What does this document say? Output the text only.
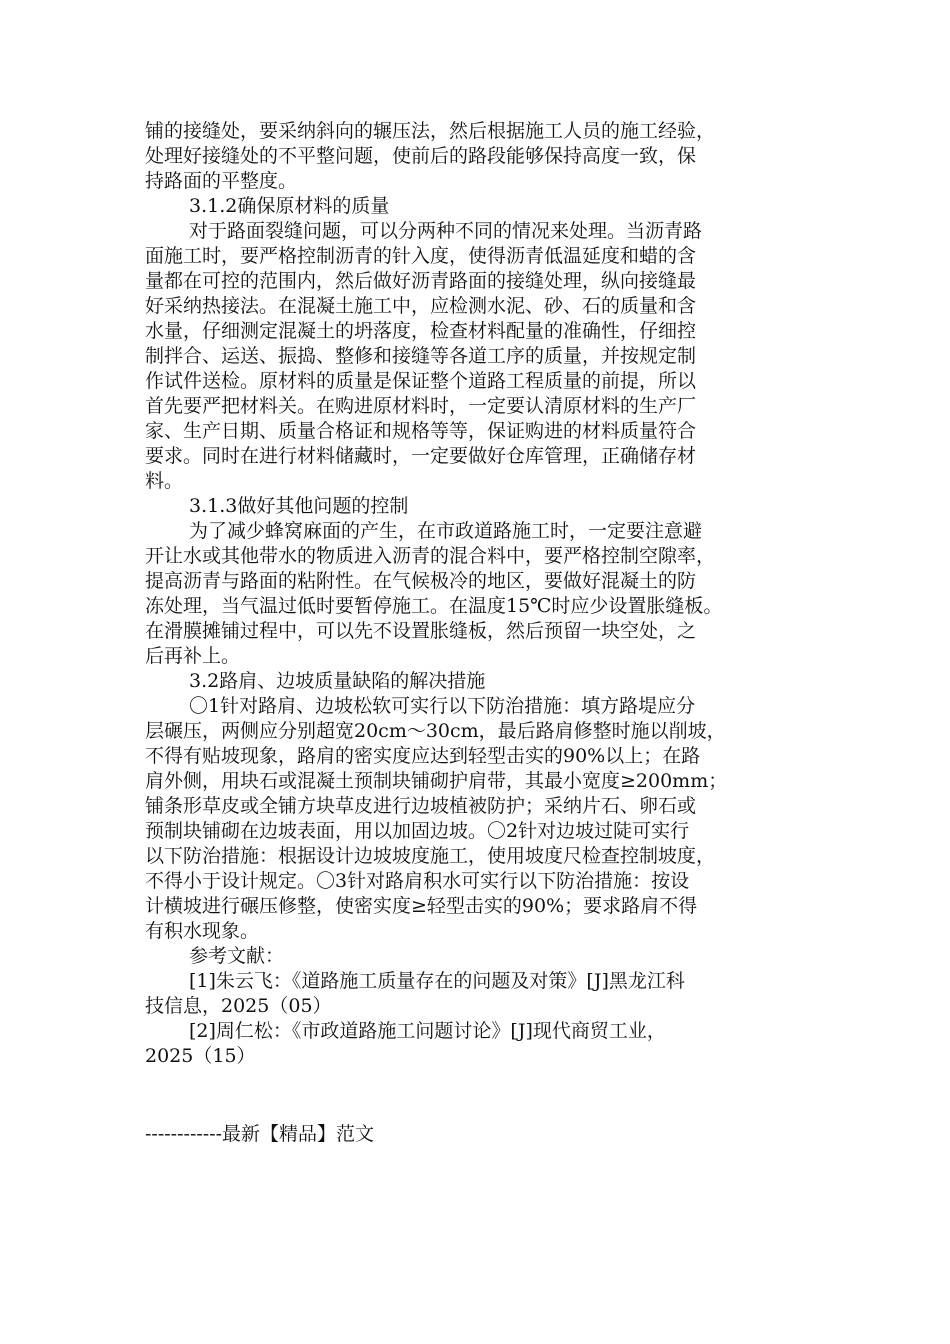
铺的接缝处，要采纳斜向的辗压法，然后根据施工人员的施工经验，

处理好接缝处的不平整问题，使前后的路段能够保持高度一致，保

持路面的平整度。

3.1.2确保原材料的质量

对于路面裂缝问题，可以分两种不同的情况来处理。当沥青路

面施工时，要严格控制沥青的针入度，使得沥青低温延度和蜡的含

量都在可控的范围内，然后做好沥青路面的接缝处理，纵向接缝最

好采纳热接法。在混凝土施工中，应检测水泥、砂、石的质量和含

水量，仔细测定混凝土的坍落度，检查材料配量的准确性，仔细控

制拌合、运送、振捣、整修和接缝等各道工序的质量，并按规定制

作试件送检。原材料的质量是保证整个道路工程质量的前提，所以

首先要严把材料关。在购进原材料时，一定要认清原材料的生产厂

家、生产日期、质量合格证和规格等等，保证购进的材料质量符合

要求。同时在进行材料储藏时，一定要做好仓库管理，正确储存材

料。

3.1.3做好其他问题的控制

为了减少蜂窝麻面的产生，在市政道路施工时，一定要注意避

开让水或其他带水的物质进入沥青的混合料中，要严格控制空隙率，

提高沥青与路面的粘附性。在气候极冷的地区，要做好混凝土的防

冻处理，当气温过低时要暂停施工。在温度15℃时应少设置胀缝板。

在滑膜摊铺过程中，可以先不设置胀缝板，然后预留一块空处，之

后再补上。

3.2路肩、边坡质量缺陷的解决措施

〇1针对路肩、边坡松软可实行以下防治措施：填方路堤应分

层碾压，两侧应分别超宽20cm～30cm，最后路肩修整时施以削坡，

不得有贴坡现象，路肩的密实度应达到轻型击实的90%以上；在路

肩外侧，用块石或混凝土预制块铺砌护肩带，其最小宽度≥200mm；

铺条形草皮或全铺方块草皮进行边坡植被防护；采纳片石、卵石或

预制块铺砌在边坡表面，用以加固边坡。〇2针对边坡过陡可实行

以下防治措施：根据设计边坡坡度施工，使用坡度尺检查控制坡度，

不得小于设计规定。〇3针对路肩积水可实行以下防治措施：按设

计横坡进行碾压修整，使密实度≥轻型击实的90%；要求路肩不得

有积水现象。

参考文献：

[1]朱云飞：《道路施工质量存在的问题及对策》[J]黑龙江科

技信息，2025（05）

[2]周仁松：《市政道路施工问题讨论》[J]现代商贸工业，

2025（15）

------------最新【精品】范文
